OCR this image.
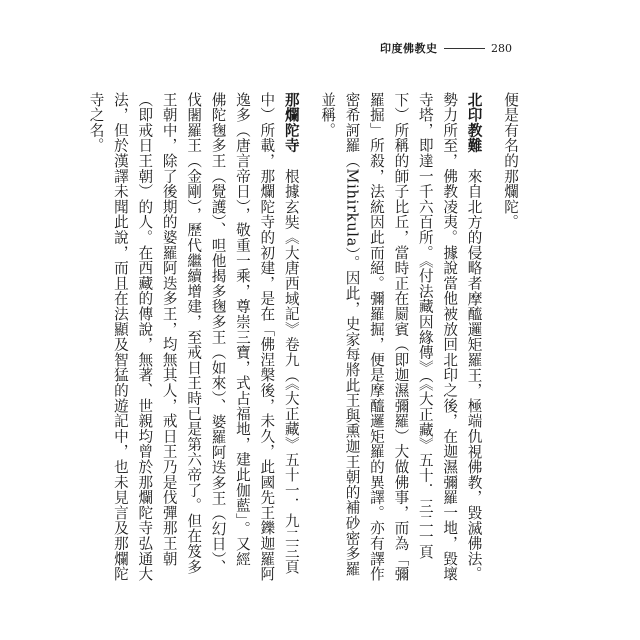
印度佛教史	280

便是有名的那爛陀。

北印教難　來自北方的侵略者摩醯邏矩羅王，極端仇視佛教，毀滅佛法。勢力所至，佛教凌夷。據說當他被放回北印之後，在迦濕彌羅一地，毀壞寺塔，即達一千六百所。《付法藏因緣傳》（《大正藏》五十．三二一頁下）所稱的師子比丘，當時正在罽賓（即迦濕彌羅）大做佛事，而為「彌羅掘」所殺，法統因此而絕。彌羅掘，便是摩醯邏矩羅的異譯。亦有譯作密希訶羅（Mihirkula）。因此，史家每將此王與熏迦王朝的補砂密多羅並稱。

那爛陀寺　根據玄奘《大唐西域記》卷九（《大正藏》五十一．九二三頁中）所載，那爛陀寺的初建，是在「佛涅槃後，未久，此國先王鑠迦羅阿逸多（唐言帝日），敬重一乘，尊崇三寶，式占福地，建此伽藍」。又經佛陀毱多王（覺護）、呾他揭多毱多王（如來）、婆羅阿迭多王（幻日）、伐闍羅王（金剛），歷代繼續增建，至戒日王時已是第六帝了。但在笈多王朝中，除了後期的婆羅阿迭多王，均無其人，戒日王乃是伐彈那王朝（即戒日王朝）的人。在西藏的傳說，無著、世親均曾於那爛陀寺弘通大法，但於漢譯未聞此說，而且在法顯及智猛的遊記中，也未見言及那爛陀寺之名。
